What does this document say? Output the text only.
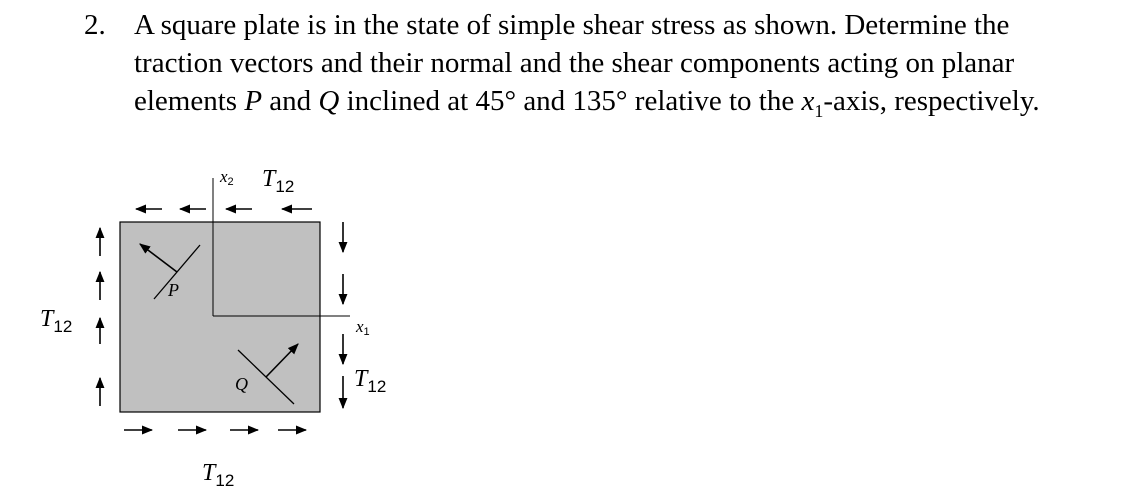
2. A square plate is in the state of simple shear stress as shown. Determine the
traction vectors and their normal and the shear components acting on planar
elements P and Q inclined at 45° and 135° relative to the $x_1$-axis, respectively.
x2 T12
T12	x1
T12
T12
P
Q
